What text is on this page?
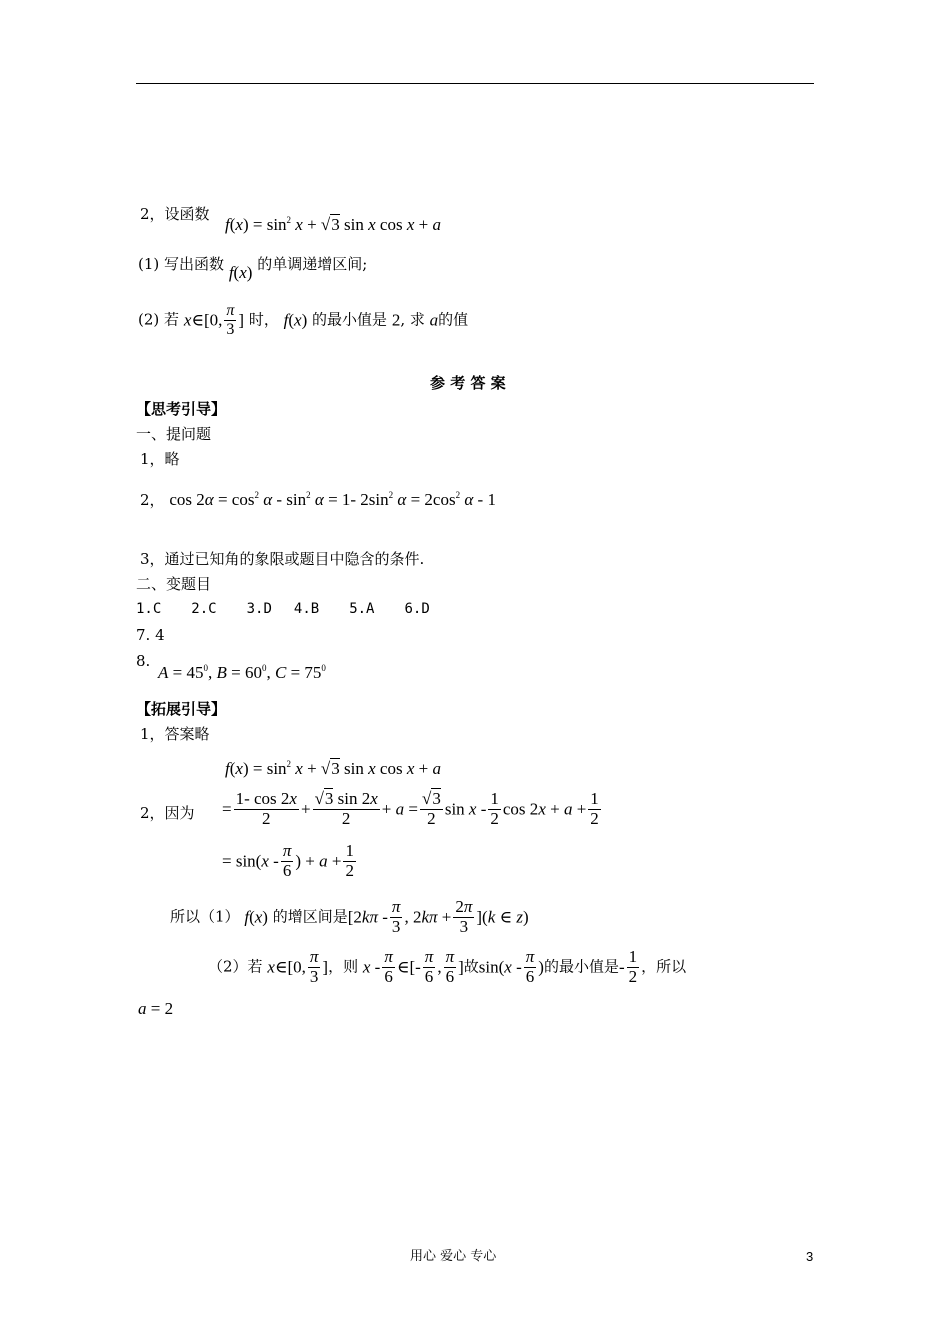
2，设函数
$f(x) = \sin^2 x + √3$ sin x cos x + a
(1) 写出函数 f(x) 的单调递增区间;
(2) 若 x∈[0, $\frac{\pi}{3}$ ] 时， f(x) 的最小值是 2, 求 a的值
参 考 答 案
【思考引导】
一、提问题
1，略
2， $\cos 2\alpha = \cos^2 \alpha - \sin^2 \alpha = 1-$ $2\sin^2$ $\alpha = 2\cos^2$ α - 1
3，通过已知角的象限或题目中隐含的条件.
二、变题目
1.C 2.C 3.D 4.B 5.A 6.D
7. 4
8.
$A = 45^0$, $B = 60^0$, $C = 75^0$
【拓展引导】
1，答案略
$f(x) = \sin^2 x + √3$ sin x cos x + a
2，因为 = $\frac{1- \cos 2x}{2} + \frac{√3 \sin 2x}{2} + a = \frac{√3}{2}$ sin x - $\frac{1}{2}$ $\cos 2x + a + \frac{1}{2}$
= $\sin(x - \frac{\pi}{6}$ ) + $a + \frac{1}{2}$
所以（1） f(x) 的增区间是[$2k\pi - \frac{\pi}{3}$ , $2k\pi + \frac{2\pi}{3} ](k$ ∈ z)
（2）若 x∈[0, $\frac{\pi}{3}$ ]，则 x - $\frac{\pi}{6}$ ∈[- $\frac{\pi}{6}$ , $\frac{\pi}{6}$ ]故$\sin(x - \frac{\pi}{6}$ )的最小值是- $\frac{1}{2}$ ，所以
a = 2
用心 爱心 专心	3
